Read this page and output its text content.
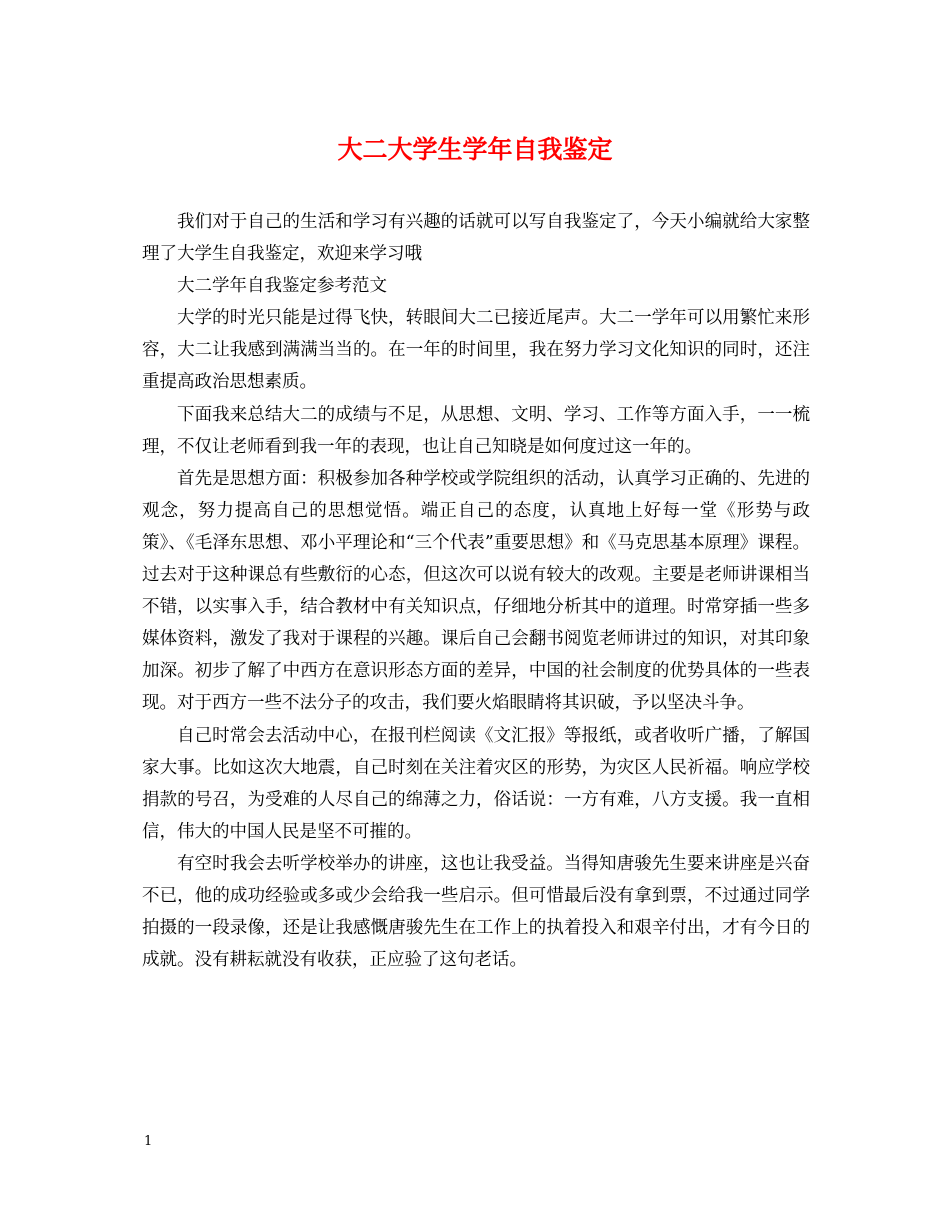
大二大学生学年自我鉴定

我们对于自己的生活和学习有兴趣的话就可以写自我鉴定了，今天小编就给大家整理了大学生自我鉴定，欢迎来学习哦

大二学年自我鉴定参考范文

大学的时光只能是过得飞快，转眼间大二已接近尾声。大二一学年可以用繁忙来形容，大二让我感到满满当当的。在一年的时间里，我在努力学习文化知识的同时，还注重提高政治思想素质。

下面我来总结大二的成绩与不足，从思想、文明、学习、工作等方面入手，一一梳理，不仅让老师看到我一年的表现，也让自己知晓是如何度过这一年的。

首先是思想方面：积极参加各种学校或学院组织的活动，认真学习正确的、先进的观念，努力提高自己的思想觉悟。端正自己的态度，认真地上好每一堂《形势与政策》、《毛泽东思想、邓小平理论和“三个代表”重要思想》和《马克思基本原理》课程。过去对于这种课总有些敷衍的心态，但这次可以说有较大的改观。主要是老师讲课相当不错，以实事入手，结合教材中有关知识点，仔细地分析其中的道理。时常穿插一些多媒体资料，激发了我对于课程的兴趣。课后自己会翻书阅览老师讲过的知识，对其印象加深。初步了解了中西方在意识形态方面的差异，中国的社会制度的优势具体的一些表现。对于西方一些不法分子的攻击，我们要火焰眼睛将其识破，予以坚决斗争。

自己时常会去活动中心，在报刊栏阅读《文汇报》等报纸，或者收听广播，了解国家大事。比如这次大地震，自己时刻在关注着灾区的形势，为灾区人民祈福。响应学校捐款的号召，为受难的人尽自己的绵薄之力，俗话说：一方有难，八方支援。我一直相信，伟大的中国人民是坚不可摧的。

有空时我会去听学校举办的讲座，这也让我受益。当得知唐骏先生要来讲座是兴奋不已，他的成功经验或多或少会给我一些启示。但可惜最后没有拿到票，不过通过同学拍摄的一段录像，还是让我感慨唐骏先生在工作上的执着投入和艰辛付出，才有今日的成就。没有耕耘就没有收获，正应验了这句老话。

1
